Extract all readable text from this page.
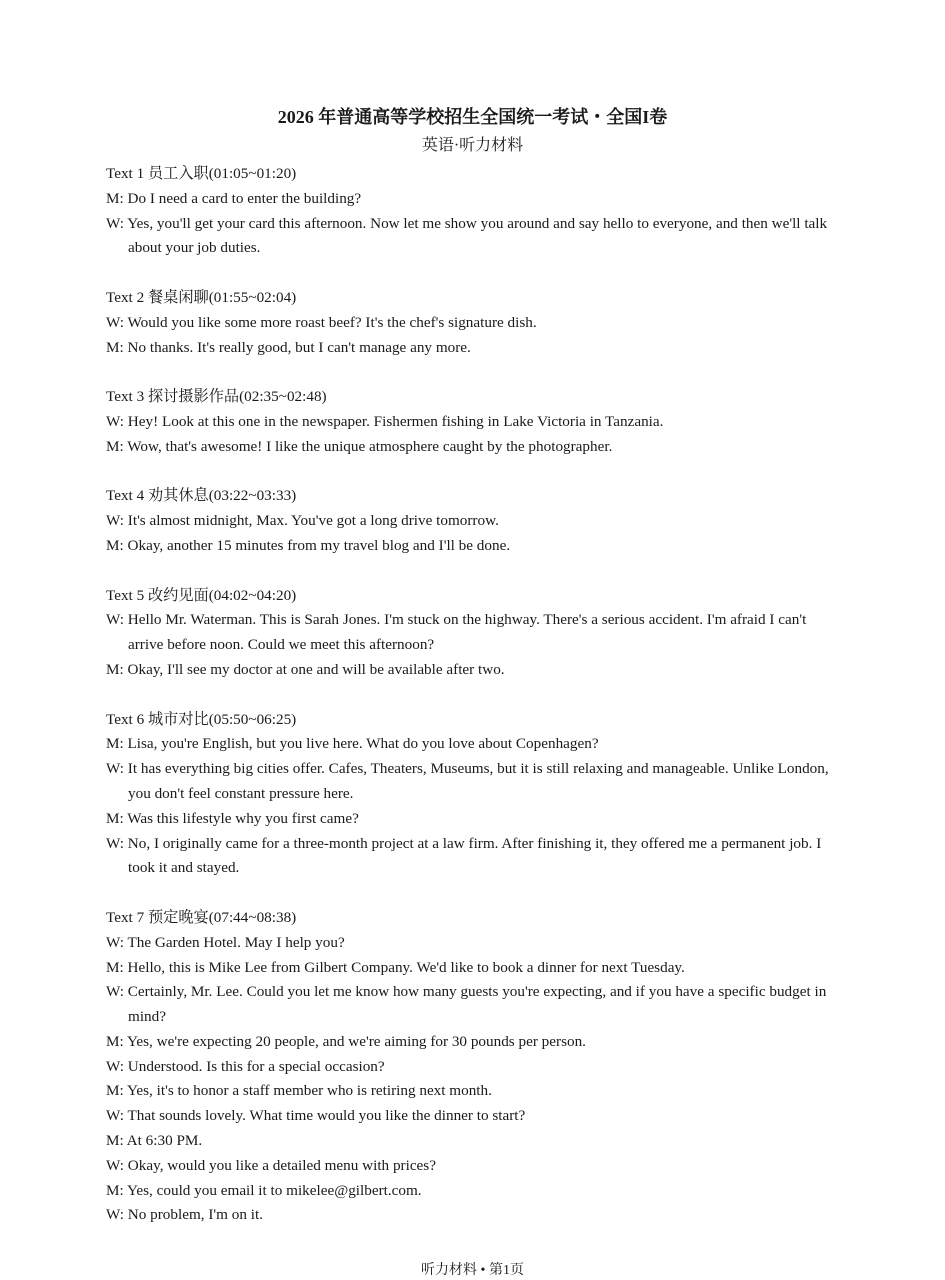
2026 年普通高等学校招生全国统一考试・全国I卷
英语·听力材料

Text 1 员工入职(01:05~01:20)

M: Do I need a card to enter the building?

W: Yes, you'll get your card this afternoon. Now let me show you around and say hello to everyone, and then we'll talk about your job duties.

Text 2 餐桌闲聊(01:55~02:04)

W: Would you like some more roast beef? It's the chef's signature dish.

M: No thanks. It's really good, but I can't manage any more.

Text 3 探讨摄影作品(02:35~02:48)

W: Hey! Look at this one in the newspaper. Fishermen fishing in Lake Victoria in Tanzania.

M: Wow, that's awesome! I like the unique atmosphere caught by the photographer.

Text 4 劝其休息(03:22~03:33)

W: It's almost midnight, Max. You've got a long drive tomorrow.

M: Okay, another 15 minutes from my travel blog and I'll be done.

Text 5 改约见面(04:02~04:20)

W: Hello Mr. Waterman. This is Sarah Jones. I'm stuck on the highway. There's a serious accident. I'm afraid I can't arrive before noon. Could we meet this afternoon?

M: Okay, I'll see my doctor at one and will be available after two.

Text 6 城市对比(05:50~06:25)

M: Lisa, you're English, but you live here. What do you love about Copenhagen?

W: It has everything big cities offer. Cafes, Theaters, Museums, but it is still relaxing and manageable. Unlike London, you don't feel constant pressure here.

M: Was this lifestyle why you first came?

W: No, I originally came for a three-month project at a law firm. After finishing it, they offered me a permanent job. I took it and stayed.

Text 7 预定晚宴(07:44~08:38)

W: The Garden Hotel. May I help you?

M: Hello, this is Mike Lee from Gilbert Company. We'd like to book a dinner for next Tuesday.

W: Certainly, Mr. Lee. Could you let me know how many guests you're expecting, and if you have a specific budget in mind?

M: Yes, we're expecting 20 people, and we're aiming for 30 pounds per person.

W: Understood. Is this for a special occasion?

M: Yes, it's to honor a staff member who is retiring next month.

W: That sounds lovely. What time would you like the dinner to start?

M: At 6:30 PM.

W: Okay, would you like a detailed menu with prices?

M: Yes, could you email it to mikelee@gilbert.com.

W: No problem, I'm on it.

听力材料 • 第1页
